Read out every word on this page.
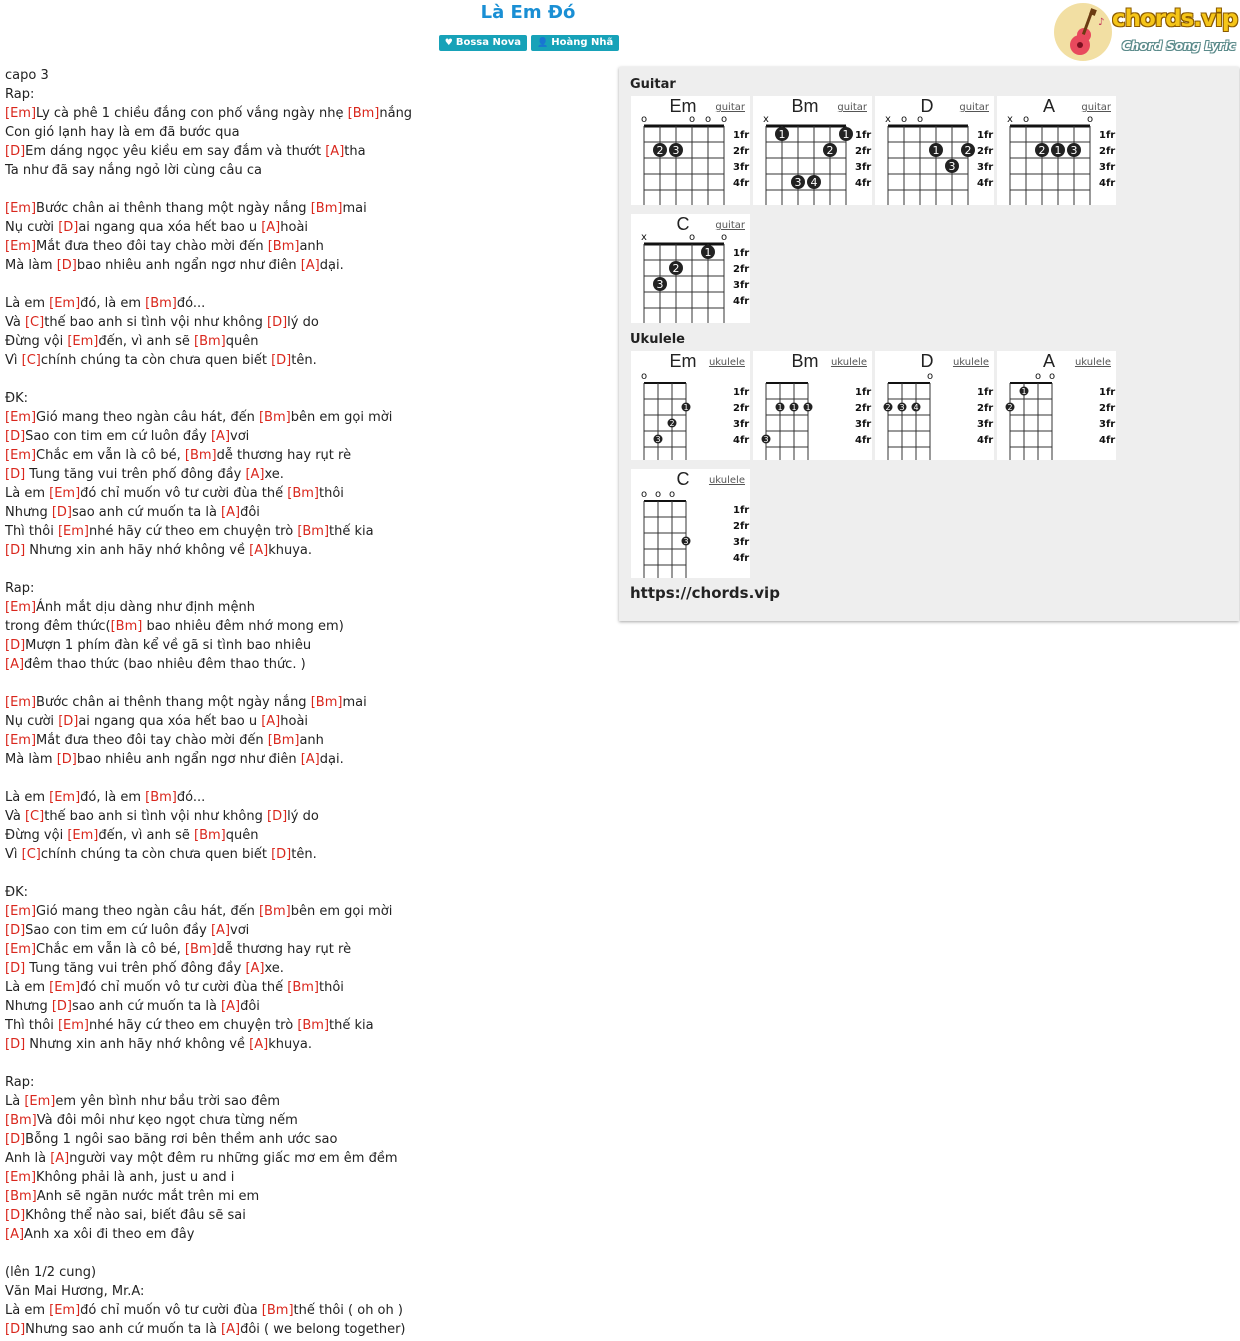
Là Em Đó
♥ Bossa Nova 👤 Hoàng Nhã
♪ chords.vip
Chord Song Lyric
capo 3
Rap:
[Em]Ly cà phê 1 chiều đắng con phố vắng ngày nhẹ [Bm]nắng
Con gió lạnh hay là em đã bước qua
[D]Em dáng ngọc yêu kiều em say đắm và thướt [A]tha
Ta như đã say nắng ngỏ lời cùng câu ca
[Em]Bước chân ai thênh thang một ngày nắng [Bm]mai
Nụ cười [D]ai ngang qua xóa hết bao u [A]hoài
[Em]Mắt đưa theo đôi tay chào mời đến [Bm]anh
Mà làm [D]bao nhiêu anh ngẩn ngơ như điên [A]dại.
Là em [Em]đó, là em [Bm]đó...
Và [C]thế bao anh si tình vội như không [D]lý do
Đừng vội [Em]đến, vì anh sẽ [Bm]quên
Vì [C]chính chúng ta còn chưa quen biết [D]tên.
ĐK:
[Em]Gió mang theo ngàn câu hát, đến [Bm]bên em gọi mời
[D]Sao con tim em cứ luôn đầy [A]vơi
[Em]Chắc em vẫn là cô bé, [Bm]dễ thương hay rụt rè
[D] Tung tăng vui trên phố đông đầy [A]xe.
Là em [Em]đó chỉ muốn vô tư cười đùa thế [Bm]thôi
Nhưng [D]sao anh cứ muốn ta là [A]đôi
Thì thôi [Em]nhé hãy cứ theo em chuyện trò [Bm]thế kia
[D] Nhưng xin anh hãy nhớ không về [A]khuya.
Rap:
[Em]Ánh mắt dịu dàng như định mệnh
trong đêm thức([Bm] bao nhiêu đêm nhớ mong em)
[D]Mượn 1 phím đàn kể về gã si tình bao nhiêu
[A]đêm thao thức (bao nhiêu đêm thao thức. )
[Em]Bước chân ai thênh thang một ngày nắng [Bm]mai
Nụ cười [D]ai ngang qua xóa hết bao u [A]hoài
[Em]Mắt đưa theo đôi tay chào mời đến [Bm]anh
Mà làm [D]bao nhiêu anh ngẩn ngơ như điên [A]dại.
Là em [Em]đó, là em [Bm]đó...
Và [C]thế bao anh si tình vội như không [D]lý do
Đừng vội [Em]đến, vì anh sẽ [Bm]quên
Vì [C]chính chúng ta còn chưa quen biết [D]tên.
ĐK:
[Em]Gió mang theo ngàn câu hát, đến [Bm]bên em gọi mời
[D]Sao con tim em cứ luôn đầy [A]vơi
[Em]Chắc em vẫn là cô bé, [Bm]dễ thương hay rụt rè
[D] Tung tăng vui trên phố đông đầy [A]xe.
Là em [Em]đó chỉ muốn vô tư cười đùa thế [Bm]thôi
Nhưng [D]sao anh cứ muốn ta là [A]đôi
Thì thôi [Em]nhé hãy cứ theo em chuyện trò [Bm]thế kia
[D] Nhưng xin anh hãy nhớ không về [A]khuya.
Rap:
Là [Em]em yên bình như bầu trời sao đêm
[Bm]Và đôi môi như kẹo ngọt chưa từng nếm
[D]Bỗng 1 ngôi sao băng rơi bên thềm anh ước sao
Anh là [A]người vay một đêm ru những giấc mơ em êm đềm
[Em]Không phải là anh, just u and i
[Bm]Anh sẽ ngăn nước mắt trên mi em
[D]Không thể nào sai, biết đâu sẽ sai
[A]Anh xa xôi đi theo em đây
(lên 1/2 cung)
Văn Mai Hương, Mr.A:
Là em [Em]đó chỉ muốn vô tư cười đùa [Bm]thế thôi ( oh oh )
[D]Nhưng sao anh cứ muốn ta là [A]đôi ( we belong together)
Guitar
Ukulele
https://chords.vip
Em	guitar
o	o o o
1fr
2fr
3fr
4fr
2 3
Bm	guitar
x
1fr
2fr
3fr
4fr
1	1
2
3 4
D	guitar
x o o
1fr
2fr
3fr
4fr
1 2
3
A	guitar
x o	o
1fr
2fr
3fr
4fr
2 1 3
C	guitar
x	o	o
1fr
2fr
3fr
4fr
1
2
3
Em	ukulele
o
1fr
2fr
3fr
4fr
1
2
3
Bm	ukulele
1fr
2fr
3fr
4fr
1 1 1
3
D	ukulele
o
1fr
2fr
3fr
4fr
2 3 4
A	ukulele
o o
1fr
2fr
3fr
4fr
1
2
C	ukulele
o o o
1fr
2fr
3fr
4fr
3
